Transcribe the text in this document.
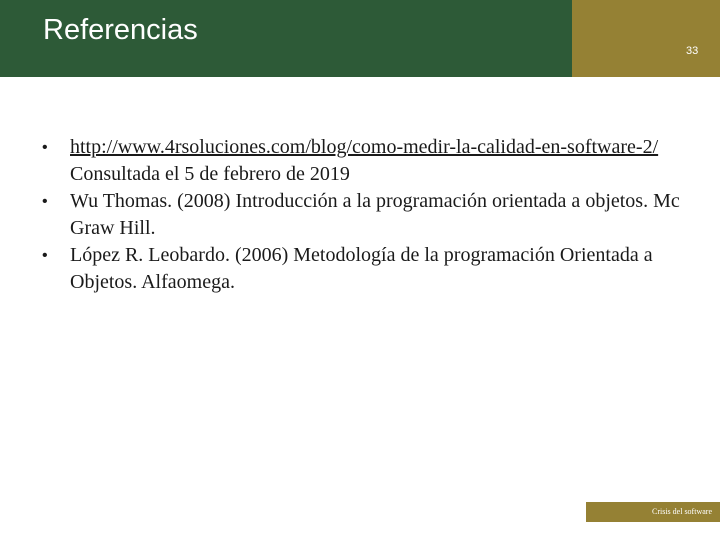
Referencias
33
• http://www.4rsoluciones.com/blog/como-medir-la-calidad-en-software-2/ Consultada el 5 de febrero de 2019
• Wu Thomas. (2008) Introducción a la programación orientada a objetos. Mc Graw Hill.
• López R. Leobardo. (2006) Metodología de la programación Orientada a Objetos. Alfaomega.
Crisis del software
